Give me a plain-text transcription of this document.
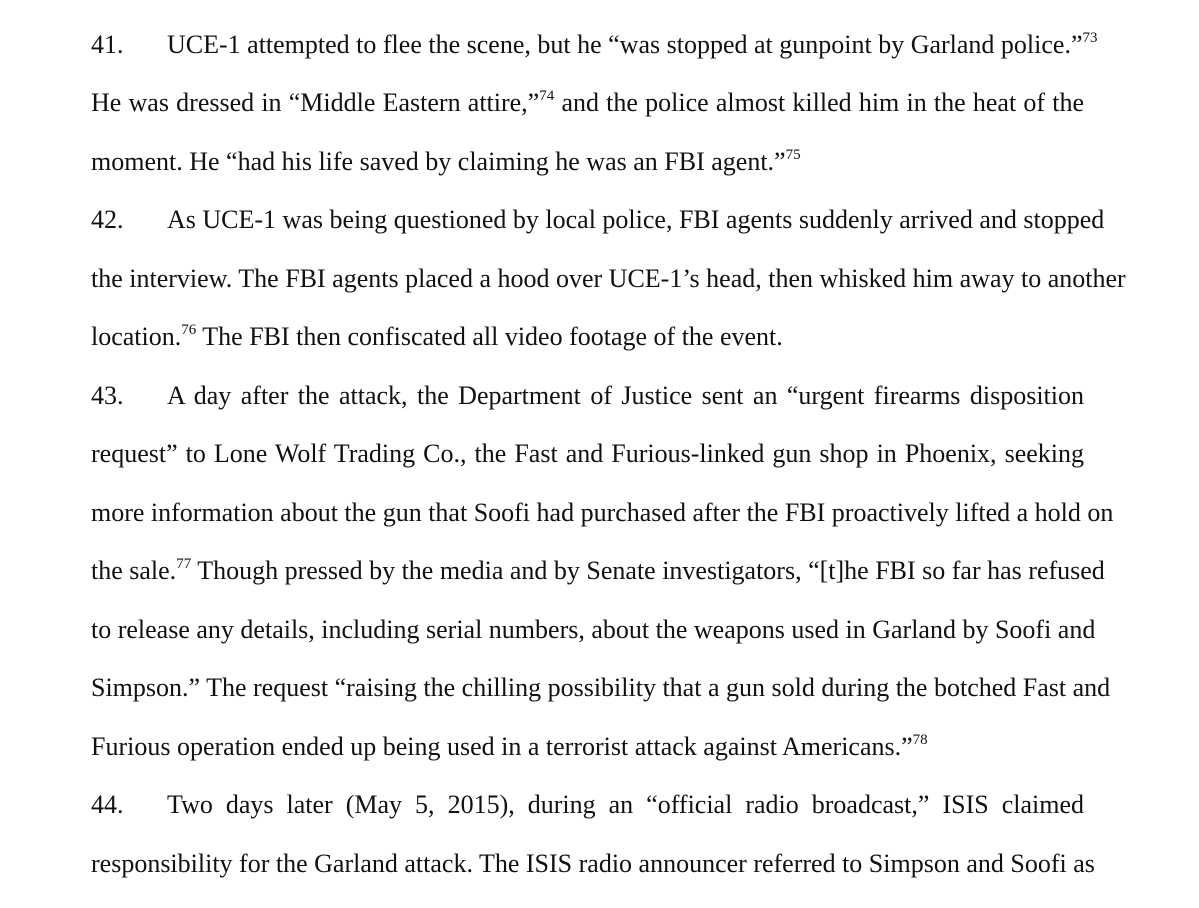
41. UCE-1 attempted to flee the scene, but he “was stopped at gunpoint by Garland police.”$^{73}$
He was dressed in “Middle Eastern attire,”$^{74}$ and the police almost killed him in the heat of the
moment. He “had his life saved by claiming he was an FBI agent.”$^{75}$
42. As UCE-1 was being questioned by local police, FBI agents suddenly arrived and stopped
the interview. The FBI agents placed a hood over UCE-1’s head, then whisked him away to another
location.$^{76}$ The FBI then confiscated all video footage of the event.
43. A day after the attack, the Department of Justice sent an “urgent firearms disposition
request” to Lone Wolf Trading Co., the Fast and Furious-linked gun shop in Phoenix, seeking
more information about the gun that Soofi had purchased after the FBI proactively lifted a hold on
the sale.$^{77}$ Though pressed by the media and by Senate investigators, “[t]he FBI so far has refused
to release any details, including serial numbers, about the weapons used in Garland by Soofi and
Simpson.” The request “raising the chilling possibility that a gun sold during the botched Fast and
Furious operation ended up being used in a terrorist attack against Americans.”$^{78}$
44. Two days later (May 5, 2015), during an “official radio broadcast,” ISIS claimed
responsibility for the Garland attack. The ISIS radio announcer referred to Simpson and Soofi as
